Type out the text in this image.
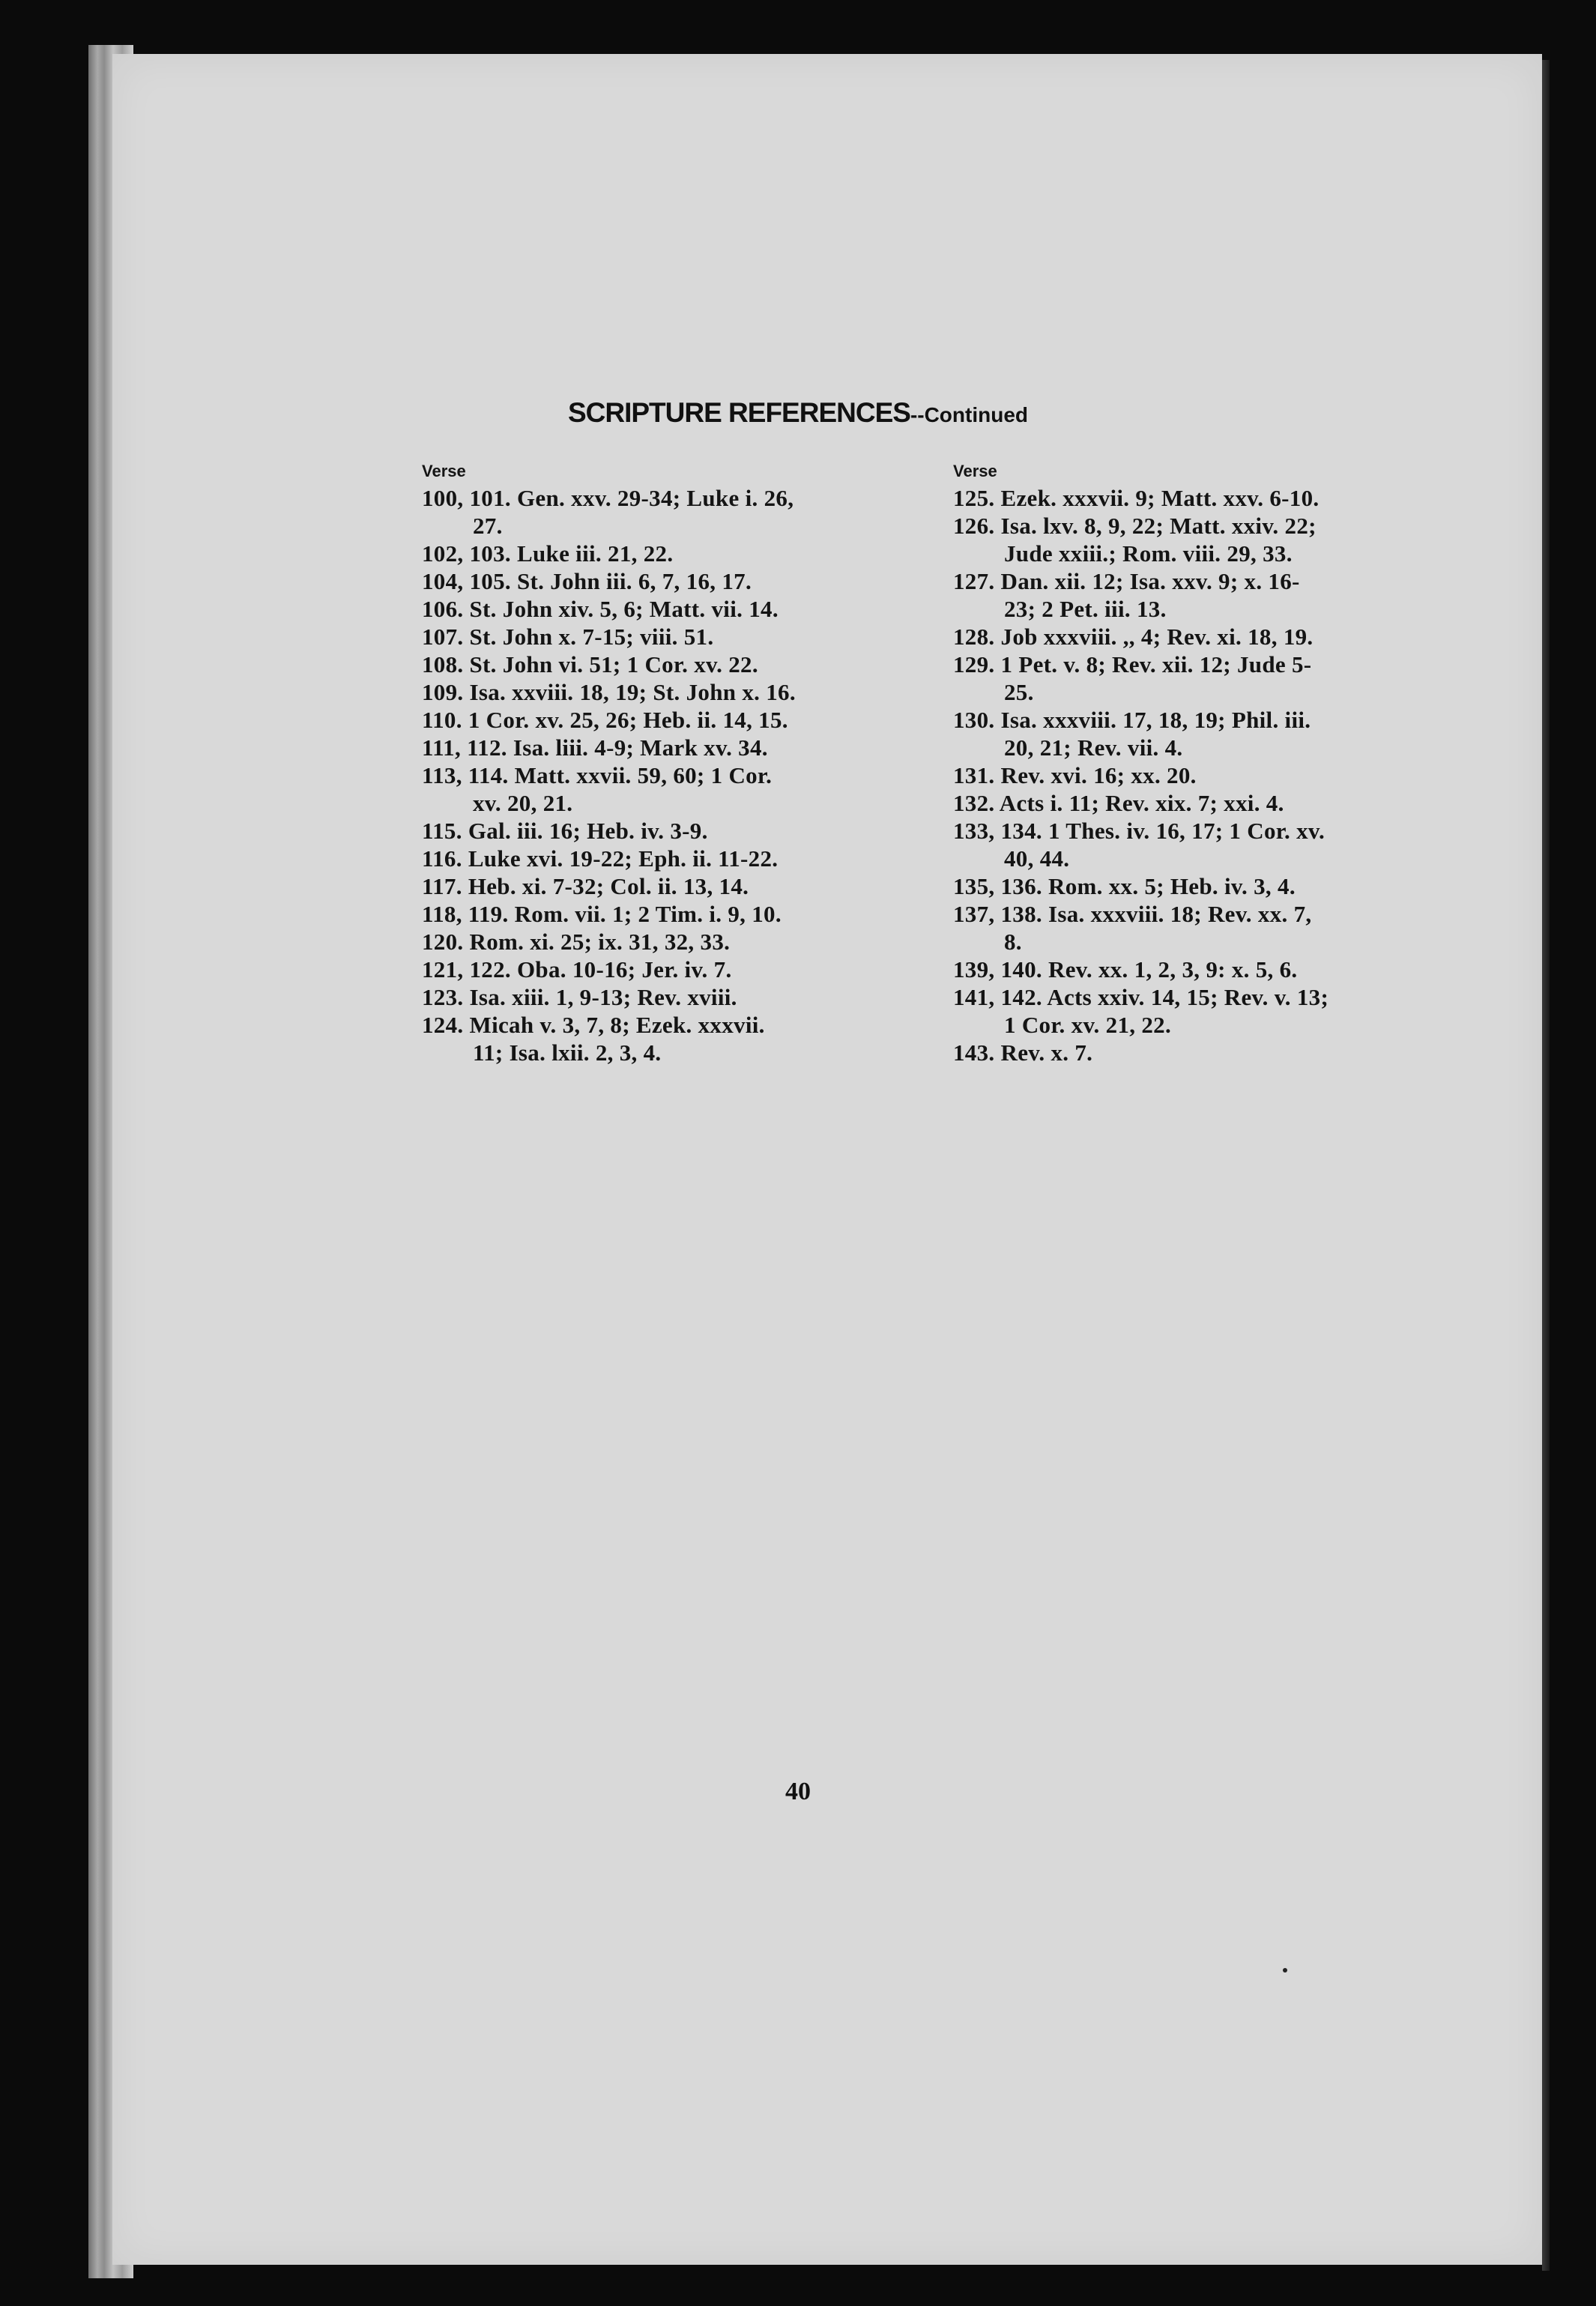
SCRIPTURE REFERENCES--Continued
Verse
100, 101. Gen. xxv. 29-34; Luke i. 26,
27.
102, 103. Luke iii. 21, 22.
104, 105. St. John iii. 6, 7, 16, 17.
106. St. John xiv. 5, 6; Matt. vii. 14.
107. St. John x. 7-15; viii. 51.
108. St. John vi. 51; 1 Cor. xv. 22.
109. Isa. xxviii. 18, 19; St. John x. 16.
110. 1 Cor. xv. 25, 26; Heb. ii. 14, 15.
111, 112. Isa. liii. 4-9; Mark xv. 34.
113, 114. Matt. xxvii. 59, 60; 1 Cor.
xv. 20, 21.
115. Gal. iii. 16; Heb. iv. 3-9.
116. Luke xvi. 19-22; Eph. ii. 11-22.
117. Heb. xi. 7-32; Col. ii. 13, 14.
118, 119. Rom. vii. 1; 2 Tim. i. 9, 10.
120. Rom. xi. 25; ix. 31, 32, 33.
121, 122. Oba. 10-16; Jer. iv. 7.
123. Isa. xiii. 1, 9-13; Rev. xviii.
124. Micah v. 3, 7, 8; Ezek. xxxvii.
11; Isa. lxii. 2, 3, 4.
Verse
125. Ezek. xxxvii. 9; Matt. xxv. 6-10.
126. Isa. lxv. 8, 9, 22; Matt. xxiv. 22;
Jude xxiii.; Rom. viii. 29, 33.
127. Dan. xii. 12; Isa. xxv. 9; x. 16-
23; 2 Pet. iii. 13.
128. Job xxxviii. ,, 4; Rev. xi. 18, 19.
129. 1 Pet. v. 8; Rev. xii. 12; Jude 5-
25.
130. Isa. xxxviii. 17, 18, 19; Phil. iii.
20, 21; Rev. vii. 4.
131. Rev. xvi. 16; xx. 20.
132. Acts i. 11; Rev. xix. 7; xxi. 4.
133, 134. 1 Thes. iv. 16, 17; 1 Cor. xv.
40, 44.
135, 136. Rom. xx. 5; Heb. iv. 3, 4.
137, 138. Isa. xxxviii. 18; Rev. xx. 7,
8.
139, 140. Rev. xx. 1, 2, 3, 9: x. 5, 6.
141, 142. Acts xxiv. 14, 15; Rev. v. 13;
1 Cor. xv. 21, 22.
143. Rev. x. 7.
40
